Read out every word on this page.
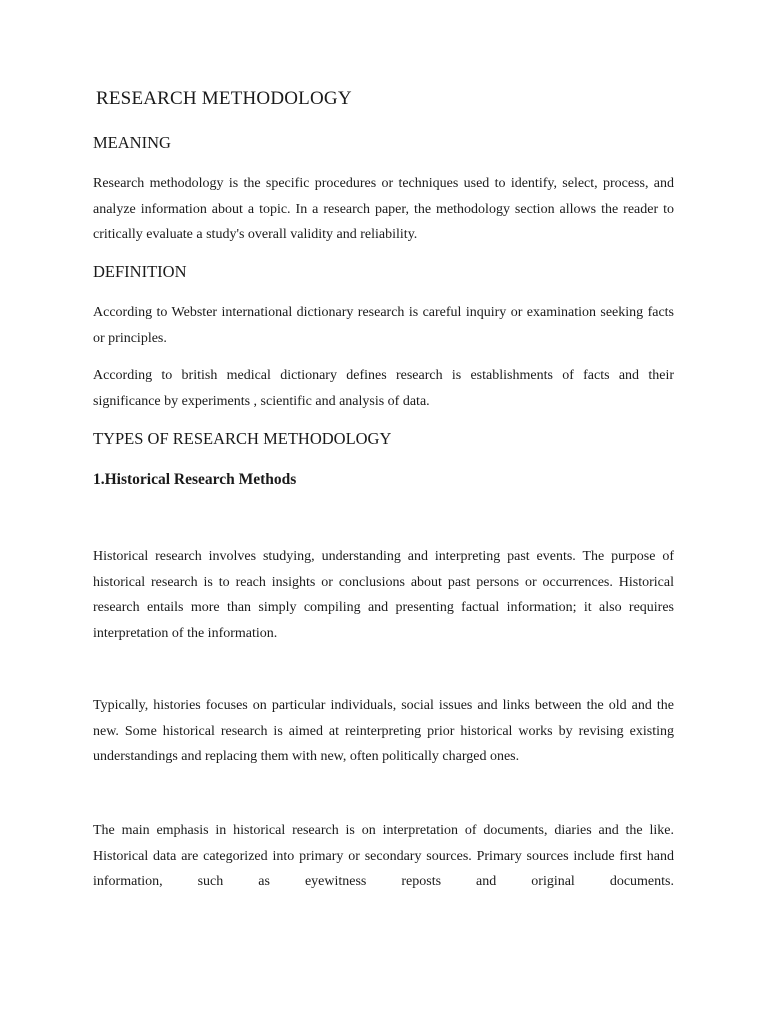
RESEARCH METHODOLOGY
MEANING

Research methodology is the specific procedures or techniques used to identify, select, process, and analyze information about a topic. In a research paper, the methodology section allows the reader to critically evaluate a study's overall validity and reliability.

DEFINITION

According to Webster international dictionary research is careful inquiry or examination seeking facts or principles.

According to british medical dictionary defines research is establishments of facts and their significance by experiments , scientific and analysis of data.

TYPES OF RESEARCH METHODOLOGY
1.Historical Research Methods

Historical research involves studying, understanding and interpreting past events. The purpose of historical research is to reach insights or conclusions about past persons or occurrences. Historical research entails more than simply compiling and presenting factual information; it also requires interpretation of the information.

Typically, histories focuses on particular individuals, social issues and links between the old and the new. Some historical research is aimed at reinterpreting prior historical works by revising existing understandings and replacing them with new, often politically charged ones.

The main emphasis in historical research is on interpretation of documents, diaries and the like. Historical data are categorized into primary or secondary sources. Primary sources include first hand information, such as eyewitness reposts and original documents.
